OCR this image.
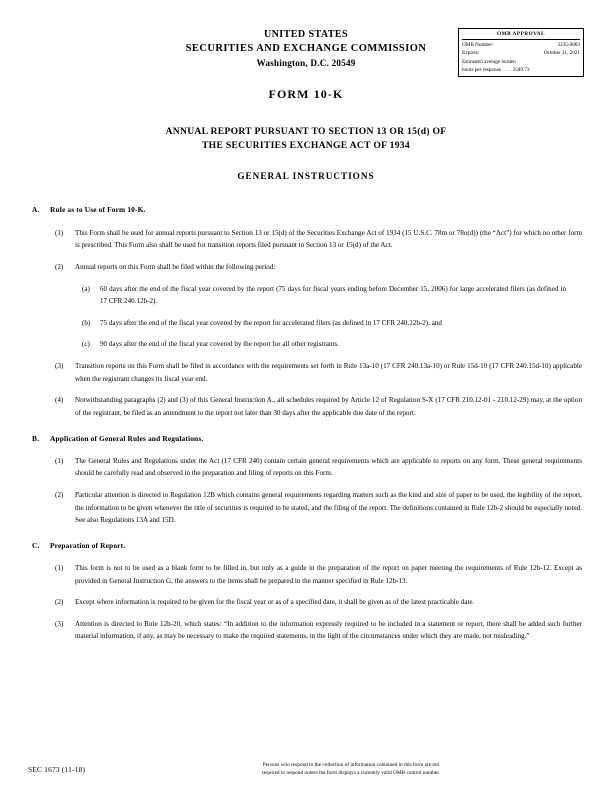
OMB APPROVAL
OMB Number:	3235-0063
Expires:	October 31, 2021
Estimated average burden
hours per response . . . . 2589.73
UNITED STATES
SECURITIES AND EXCHANGE COMMISSION
Washington, D.C. 20549
FORM 10-K
ANNUAL REPORT PURSUANT TO SECTION 13 OR 15(d) OF
THE SECURITIES EXCHANGE ACT OF 1934
GENERAL INSTRUCTIONS
A.	Rule as to Use of Form 10-K.
(1)	This Form shall be used for annual reports pursuant to Section 13 or 15(d) of the Securities Exchange Act of 1934 (15 U.S.C. 78m or 78o(d)) (the “Act”) for which no other form is prescribed. This Form also shall be used for transition reports filed pursuant to Section 13 or 15(d) of the Act.
(2)	Annual reports on this Form shall be filed within the following period:
(a)	60 days after the end of the fiscal year covered by the report (75 days for fiscal years ending before December 15, 2006) for large accelerated filers (as defined in 17 CFR 240.12b-2).
(b)	75 days after the end of the fiscal year covered by the report for accelerated filers (as defined in 17 CFR 240.12b-2), and
(c)	90 days after the end of the fiscal year covered by the report for all other registrants.
(3)	Transition reports on this Form shall be filed in accordance with the requirements set forth in Rule 13a-10 (17 CFR 240.13a-10) or Rule 15d-10 (17 CFR 240.15d-10) applicable when the registrant changes its fiscal year end.
(4)	Notwithstanding paragraphs (2) and (3) of this General Instruction A., all schedules required by Article 12 of Regulation S-X (17 CFR 210.12-01 - 210.12-29) may, at the option of the registrant, be filed as an amendment to the report not later than 30 days after the applicable due date of the report.
B.	Application of General Rules and Regulations.
(1)	The General Rules and Regulations under the Act (17 CFR 240) contain certain general requirements which are applicable to reports on any form. These general requirements should be carefully read and observed in the preparation and filing of reports on this Form.
(2)	Particular attention is directed to Regulation 12B which contains general requirements regarding matters such as the kind and size of paper to be used, the legibility of the report, the information to be given whenever the title of securities is required to be stated, and the filing of the report. The definitions contained in Rule 12b-2 should be especially noted. See also Regulations 13A and 15D.
C.	Preparation of Report.
(1)	This form is not to be used as a blank form to be filled in, but only as a guide in the preparation of the report on paper meeting the requirements of Rule 12b-12. Except as provided in General Instruction G, the answers to the items shall be prepared in the manner specified in Rule 12b-13.
(2)	Except where information is required to be given for the fiscal year or as of a specified date, it shall be given as of the latest practicable date.
(3)	Attention is directed to Rule 12b-20, which states: “In addition to the information expressly required to be included in a statement or report, there shall be added such further material information, if any, as may be necessary to make the required statements, in the light of the circumstances under which they are made, not misleading.”
SEC 1673 (11-18)	Persons who respond to the collection of information contained in this form are not
required to respond unless the form displays a currently valid OMB control number.
